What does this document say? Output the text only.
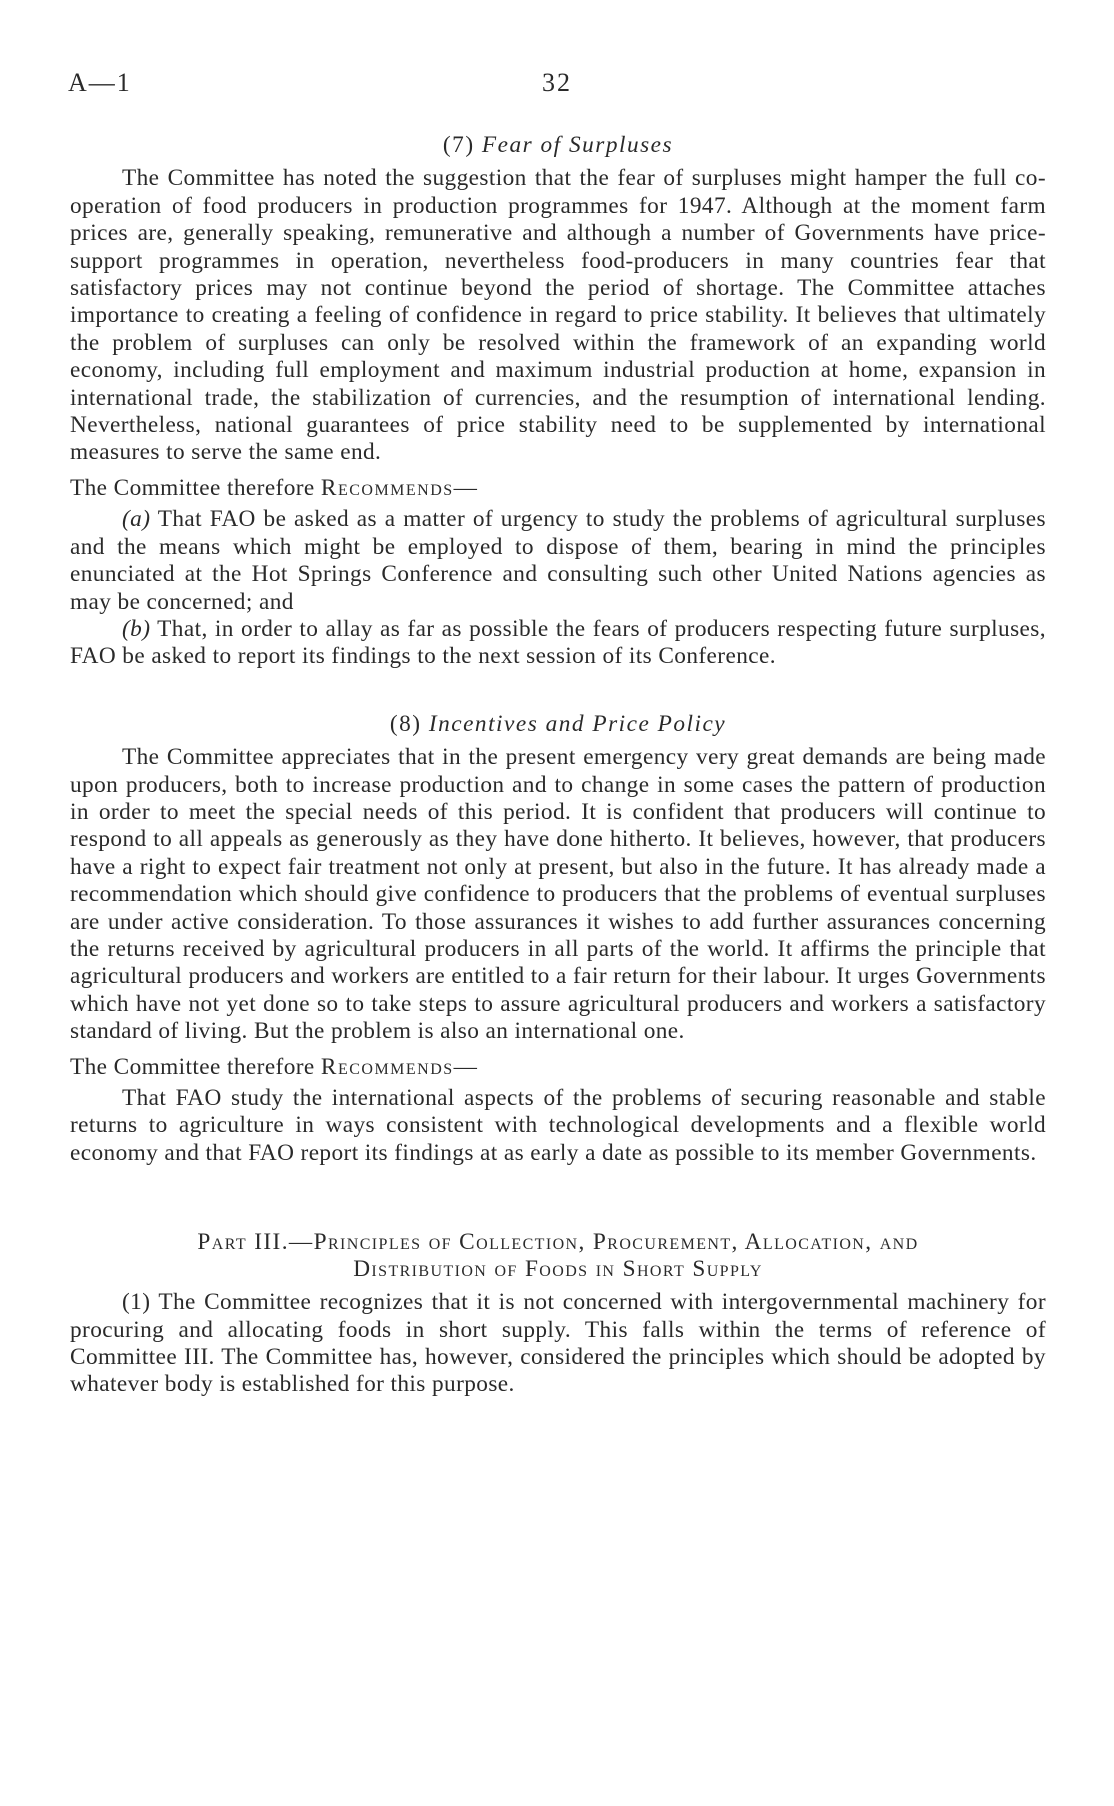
A—1	32
(7) Fear of Surpluses

The Committee has noted the suggestion that the fear of surpluses might hamper the full co-operation of food producers in production programmes for 1947. Although at the moment farm prices are, generally speaking, remunerative and although a number of Governments have price-support programmes in operation, nevertheless food-producers in many countries fear that satisfactory prices may not continue beyond the period of shortage. The Committee attaches importance to creating a feeling of confidence in regard to price stability. It believes that ultimately the problem of surpluses can only be resolved within the framework of an expanding world economy, including full employment and maximum industrial production at home, expansion in international trade, the stabilization of currencies, and the resumption of international lending. Nevertheless, national guarantees of price stability need to be supplemented by international measures to serve the same end.

The Committee therefore Recommends—

(a) That FAO be asked as a matter of urgency to study the problems of agricultural surpluses and the means which might be employed to dispose of them, bearing in mind the principles enunciated at the Hot Springs Conference and consulting such other United Nations agencies as may be concerned; and

(b) That, in order to allay as far as possible the fears of producers respecting future surpluses, FAO be asked to report its findings to the next session of its Conference.

(8) Incentives and Price Policy

The Committee appreciates that in the present emergency very great demands are being made upon producers, both to increase production and to change in some cases the pattern of production in order to meet the special needs of this period. It is confident that producers will continue to respond to all appeals as generously as they have done hitherto. It believes, however, that producers have a right to expect fair treatment not only at present, but also in the future. It has already made a recommendation which should give confidence to producers that the problems of eventual surpluses are under active consideration. To those assurances it wishes to add further assurances concerning the returns received by agricultural producers in all parts of the world. It affirms the principle that agricultural producers and workers are entitled to a fair return for their labour. It urges Governments which have not yet done so to take steps to assure agricultural producers and workers a satisfactory standard of living. But the problem is also an international one.

The Committee therefore Recommends—

That FAO study the international aspects of the problems of securing reasonable and stable returns to agriculture in ways consistent with technological developments and a flexible world economy and that FAO report its findings at as early a date as possible to its member Governments.

Part III.—Principles of Collection, Procurement, Allocation, and
Distribution of Foods in Short Supply

(1) The Committee recognizes that it is not concerned with intergovernmental machinery for procuring and allocating foods in short supply. This falls within the terms of reference of Committee III. The Committee has, however, considered the principles which should be adopted by whatever body is established for this purpose.
